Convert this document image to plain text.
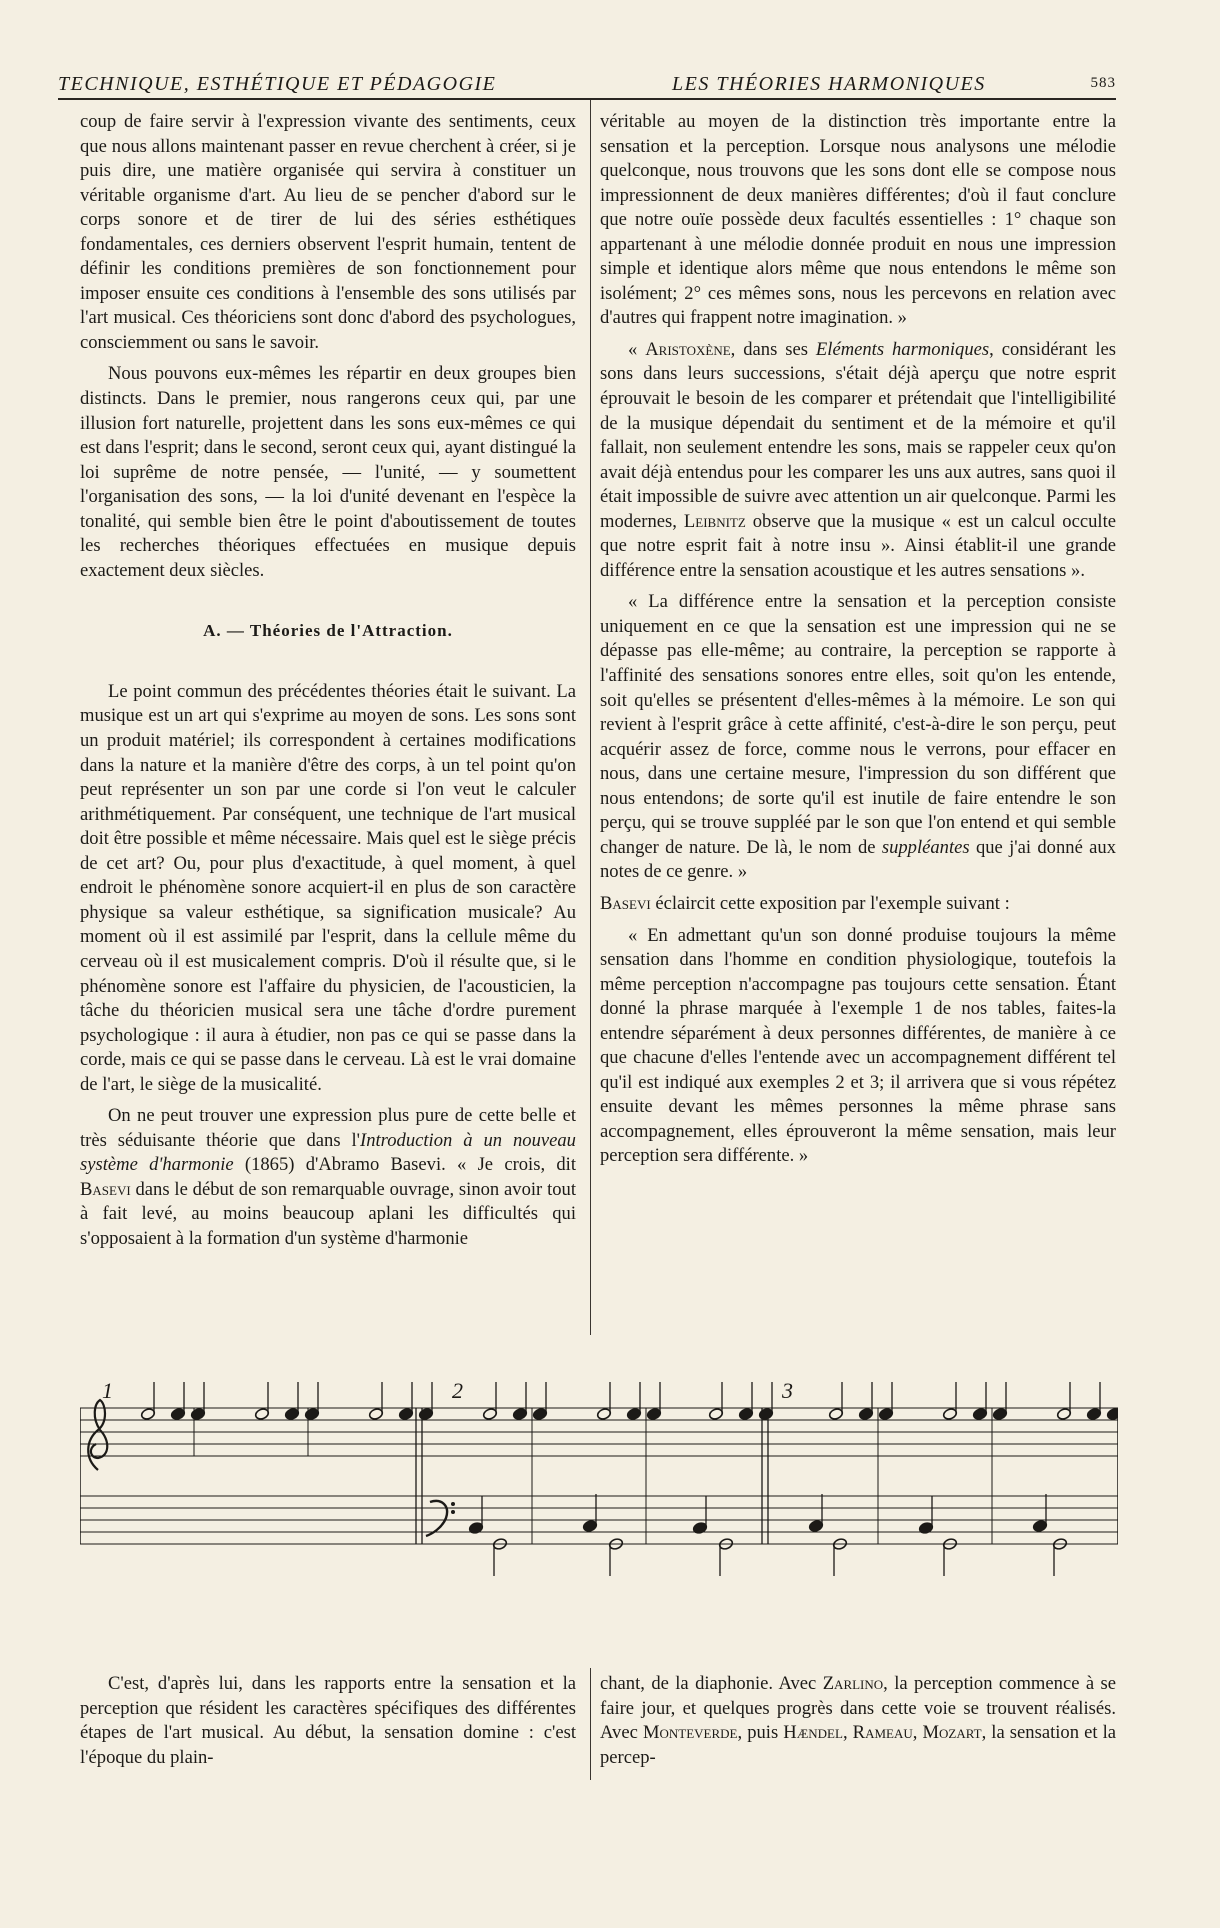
TECHNIQUE, ESTHÉTIQUE ET PÉDAGOGIE	LES THÉORIES HARMONIQUES	583

coup de faire servir à l'expression vivante des sentiments, ceux que nous allons maintenant passer en revue cherchent à créer, si je puis dire, une matière organisée qui servira à constituer un véritable organisme d'art. Au lieu de se pencher d'abord sur le corps sonore et de tirer de lui des séries esthétiques fondamentales, ces derniers observent l'esprit humain, tentent de définir les conditions premières de son fonctionnement pour imposer ensuite ces conditions à l'ensemble des sons utilisés par l'art musical. Ces théoriciens sont donc d'abord des psychologues, consciemment ou sans le savoir.

Nous pouvons eux-mêmes les répartir en deux groupes bien distincts. Dans le premier, nous rangerons ceux qui, par une illusion fort naturelle, projettent dans les sons eux-mêmes ce qui est dans l'esprit; dans le second, seront ceux qui, ayant distingué la loi suprême de notre pensée, — l'unité, — y soumettent l'organisation des sons, — la loi d'unité devenant en l'espèce la tonalité, qui semble bien être le point d'aboutissement de toutes les recherches théoriques effectuées en musique depuis exactement deux siècles.

A. — Théories de l'Attraction.

Le point commun des précédentes théories était le suivant. La musique est un art qui s'exprime au moyen de sons. Les sons sont un produit matériel; ils correspondent à certaines modifications dans la nature et la manière d'être des corps, à un tel point qu'on peut représenter un son par une corde si l'on veut le calculer arithmétiquement. Par conséquent, une technique de l'art musical doit être possible et même nécessaire. Mais quel est le siège précis de cet art? Ou, pour plus d'exactitude, à quel moment, à quel endroit le phénomène sonore acquiert-il en plus de son caractère physique sa valeur esthétique, sa signification musicale? Au moment où il est assimilé par l'esprit, dans la cellule même du cerveau où il est musicalement compris. D'où il résulte que, si le phénomène sonore est l'affaire du physicien, de l'acousticien, la tâche du théoricien musical sera une tâche d'ordre purement psychologique : il aura à étudier, non pas ce qui se passe dans la corde, mais ce qui se passe dans le cerveau. Là est le vrai domaine de l'art, le siège de la musicalité.

On ne peut trouver une expression plus pure de cette belle et très séduisante théorie que dans l'Introduction à un nouveau système d'harmonie (1865) d'Abramo Basevi. « Je crois, dit Basevi dans le début de son remarquable ouvrage, sinon avoir tout à fait levé, au moins beaucoup aplani les difficultés qui s'opposaient à la formation d'un système d'harmonie

véritable au moyen de la distinction très importante entre la sensation et la perception. Lorsque nous analysons une mélodie quelconque, nous trouvons que les sons dont elle se compose nous impressionnent de deux manières différentes; d'où il faut conclure que notre ouïe possède deux facultés essentielles : 1° chaque son appartenant à une mélodie donnée produit en nous une impression simple et identique alors même que nous entendons le même son isolément; 2° ces mêmes sons, nous les percevons en relation avec d'autres qui frappent notre imagination. »

« Aristoxène, dans ses Eléments harmoniques, considérant les sons dans leurs successions, s'était déjà aperçu que notre esprit éprouvait le besoin de les comparer et prétendait que l'intelligibilité de la musique dépendait du sentiment et de la mémoire et qu'il fallait, non seulement entendre les sons, mais se rappeler ceux qu'on avait déjà entendus pour les comparer les uns aux autres, sans quoi il était impossible de suivre avec attention un air quelconque. Parmi les modernes, Leibnitz observe que la musique « est un calcul occulte que notre esprit fait à notre insu ». Ainsi établit-il une grande différence entre la sensation acoustique et les autres sensations ».

« La différence entre la sensation et la perception consiste uniquement en ce que la sensation est une impression qui ne se dépasse pas elle-même; au contraire, la perception se rapporte à l'affinité des sensations sonores entre elles, soit qu'on les entende, soit qu'elles se présentent d'elles-mêmes à la mémoire. Le son qui revient à l'esprit grâce à cette affinité, c'est-à-dire le son perçu, peut acquérir assez de force, comme nous le verrons, pour effacer en nous, dans une certaine mesure, l'impression du son différent que nous entendons; de sorte qu'il est inutile de faire entendre le son perçu, qui se trouve suppléé par le son que l'on entend et qui semble changer de nature. De là, le nom de suppléantes que j'ai donné aux notes de ce genre. »

Basevi éclaircit cette exposition par l'exemple suivant :

« En admettant qu'un son donné produise toujours la même sensation dans l'homme en condition physiologique, toutefois la même perception n'accompagne pas toujours cette sensation. Étant donné la phrase marquée à l'exemple 1 de nos tables, faites-la entendre séparément à deux personnes différentes, de manière à ce que chacune d'elles l'entende avec un accompagnement différent tel qu'il est indiqué aux exemples 2 et 3; il arrivera que si vous répétez ensuite devant les mêmes personnes la même phrase sans accompagnement, elles éprouveront la même sensation, mais leur perception sera différente. »

1	2	3

C'est, d'après lui, dans les rapports entre la sensation et la perception que résident les caractères spécifiques des différentes étapes de l'art musical. Au début, la sensation domine : c'est l'époque du plain-

chant, de la diaphonie. Avec Zarlino, la perception commence à se faire jour, et quelques progrès dans cette voie se trouvent réalisés. Avec Monteverde, puis Hændel, Rameau, Mozart, la sensation et la percep-
